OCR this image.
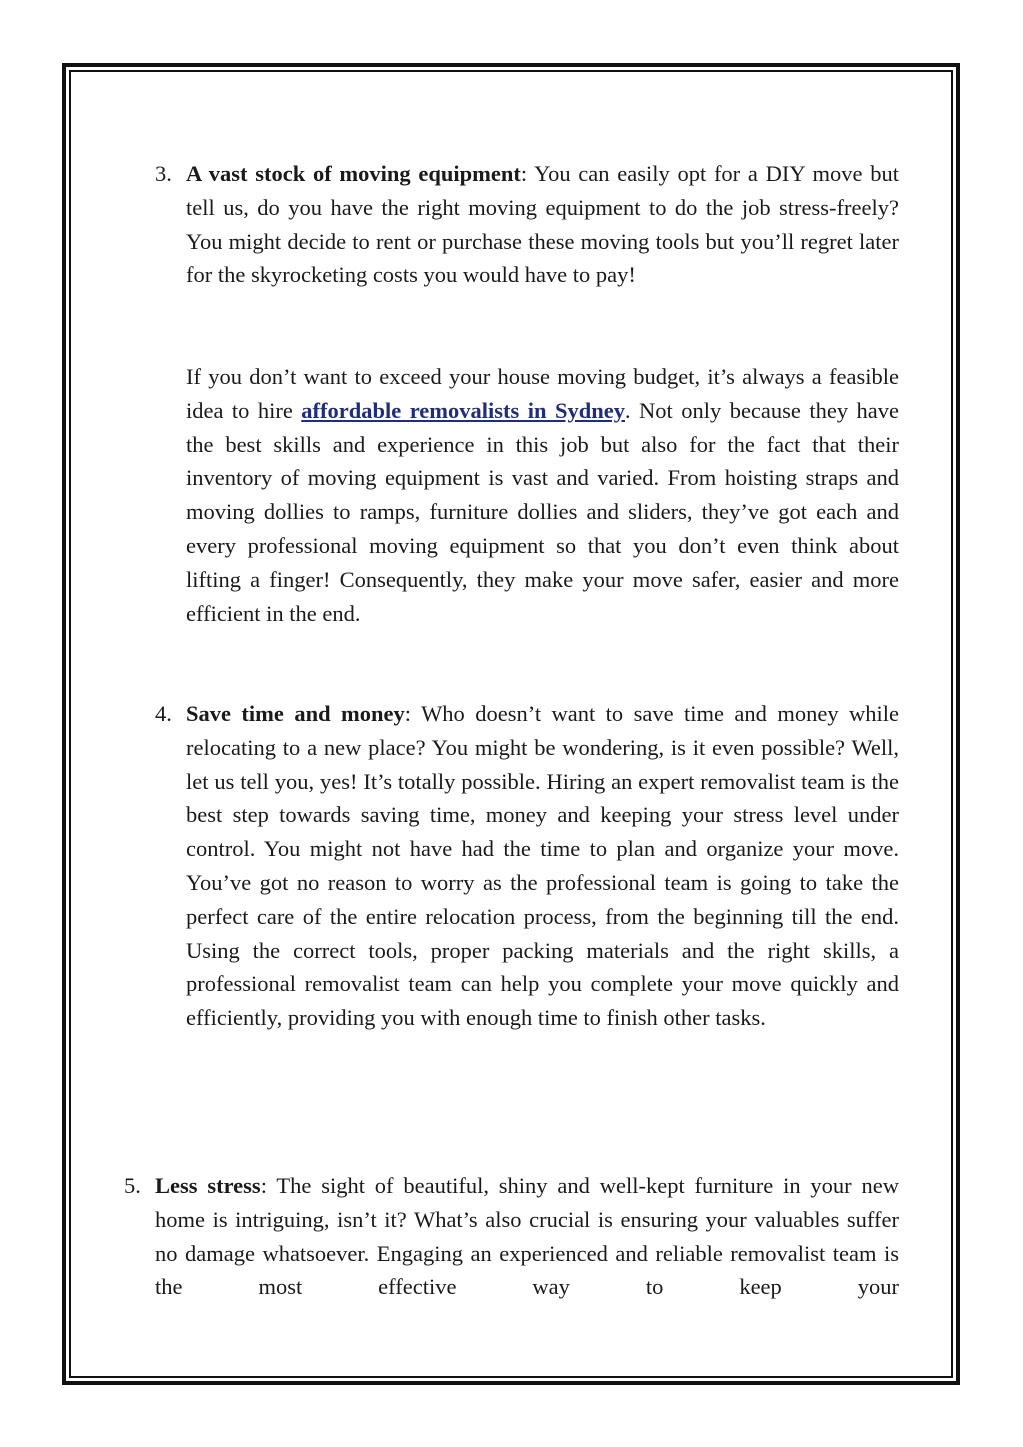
3. A vast stock of moving equipment: You can easily opt for a DIY move but tell us, do you have the right moving equipment to do the job stress-freely? You might decide to rent or purchase these moving tools but you’ll regret later for the skyrocketing costs you would have to pay!

If you don’t want to exceed your house moving budget, it’s always a feasible idea to hire affordable removalists in Sydney. Not only because they have the best skills and experience in this job but also for the fact that their inventory of moving equipment is vast and varied. From hoisting straps and moving dollies to ramps, furniture dollies and sliders, they’ve got each and every professional moving equipment so that you don’t even think about lifting a finger! Consequently, they make your move safer, easier and more efficient in the end.

4. Save time and money: Who doesn’t want to save time and money while relocating to a new place? You might be wondering, is it even possible? Well, let us tell you, yes! It’s totally possible. Hiring an expert removalist team is the best step towards saving time, money and keeping your stress level under control. You might not have had the time to plan and organize your move. You’ve got no reason to worry as the professional team is going to take the perfect care of the entire relocation process, from the beginning till the end. Using the correct tools, proper packing materials and the right skills, a professional removalist team can help you complete your move quickly and efficiently, providing you with enough time to finish other tasks.

5. Less stress: The sight of beautiful, shiny and well-kept furniture in your new home is intriguing, isn’t it? What’s also crucial is ensuring your valuables suffer no damage whatsoever. Engaging an experienced and reliable removalist team is the most effective way to keep your
